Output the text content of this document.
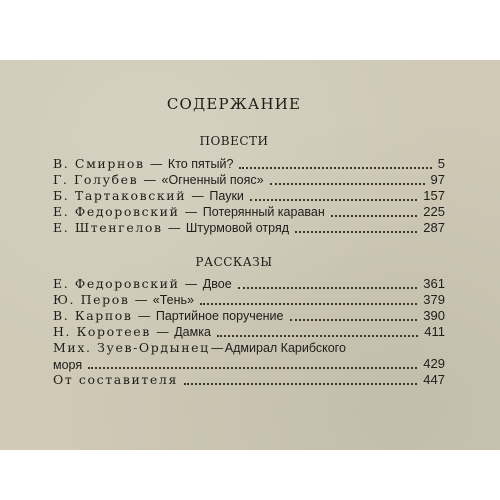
СОДЕРЖАНИЕ
ПОВЕСТИ
В. Смирнов — Кто пятый?	5
Г. Голубев — «Огненный пояс»	97
Б. Тартаковский — Пауки	157
Е. Федоровский — Потерянный караван	225
Е. Штенгелов — Штурмовой отряд	287
РАССКАЗЫ
Е. Федоровский — Двое	361
Ю. Перов — «Тень»	379
В. Карпов — Партийное поручение	390
Н. Коротеев — Дамка	411
Мих. Зуев-Ордынец—Адмирал Карибского
моря	429
От составителя	447
